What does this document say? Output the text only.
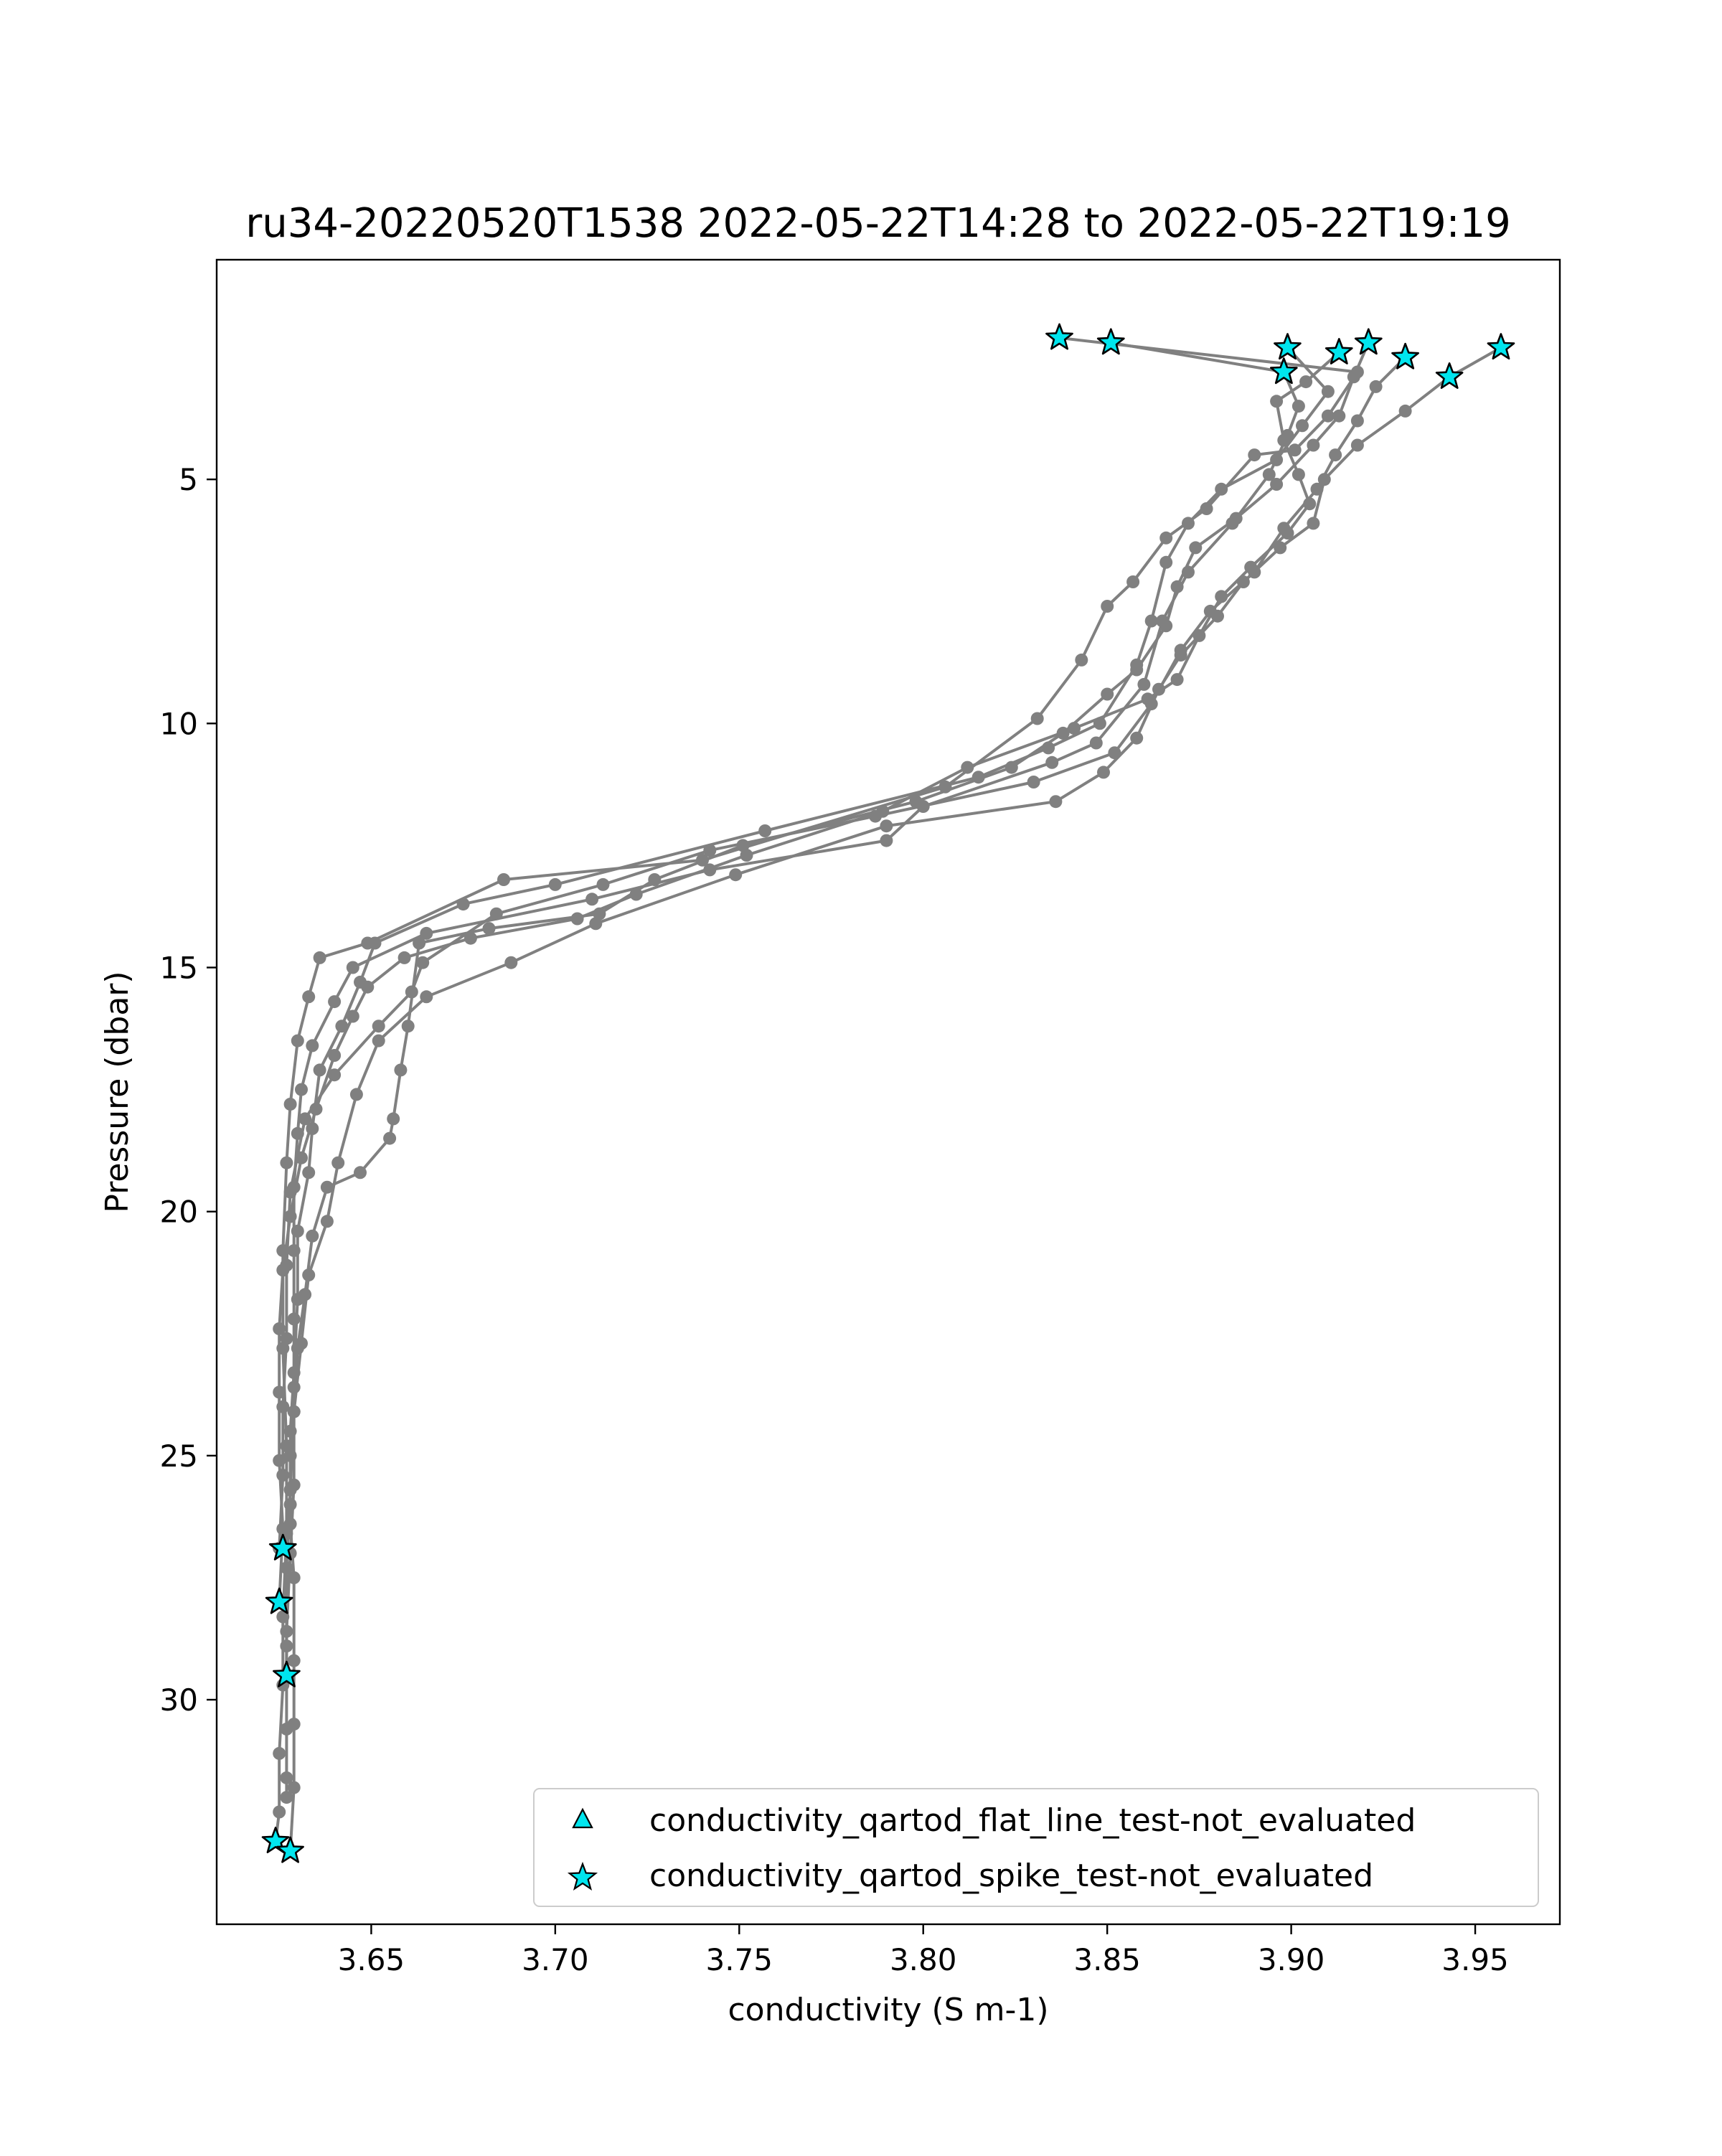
ru34-20220520T1538 2022-05-22T14:28 to 2022-05-22T19:19
3.65	3.70	3.75	3.80	3.85	3.90	3.95
5
10
15
20
25
30
conductivity (S m-1)
Pressure (dbar)
conductivity_qartod_flat_line_test-not_evaluated
conductivity_qartod_spike_test-not_evaluated
